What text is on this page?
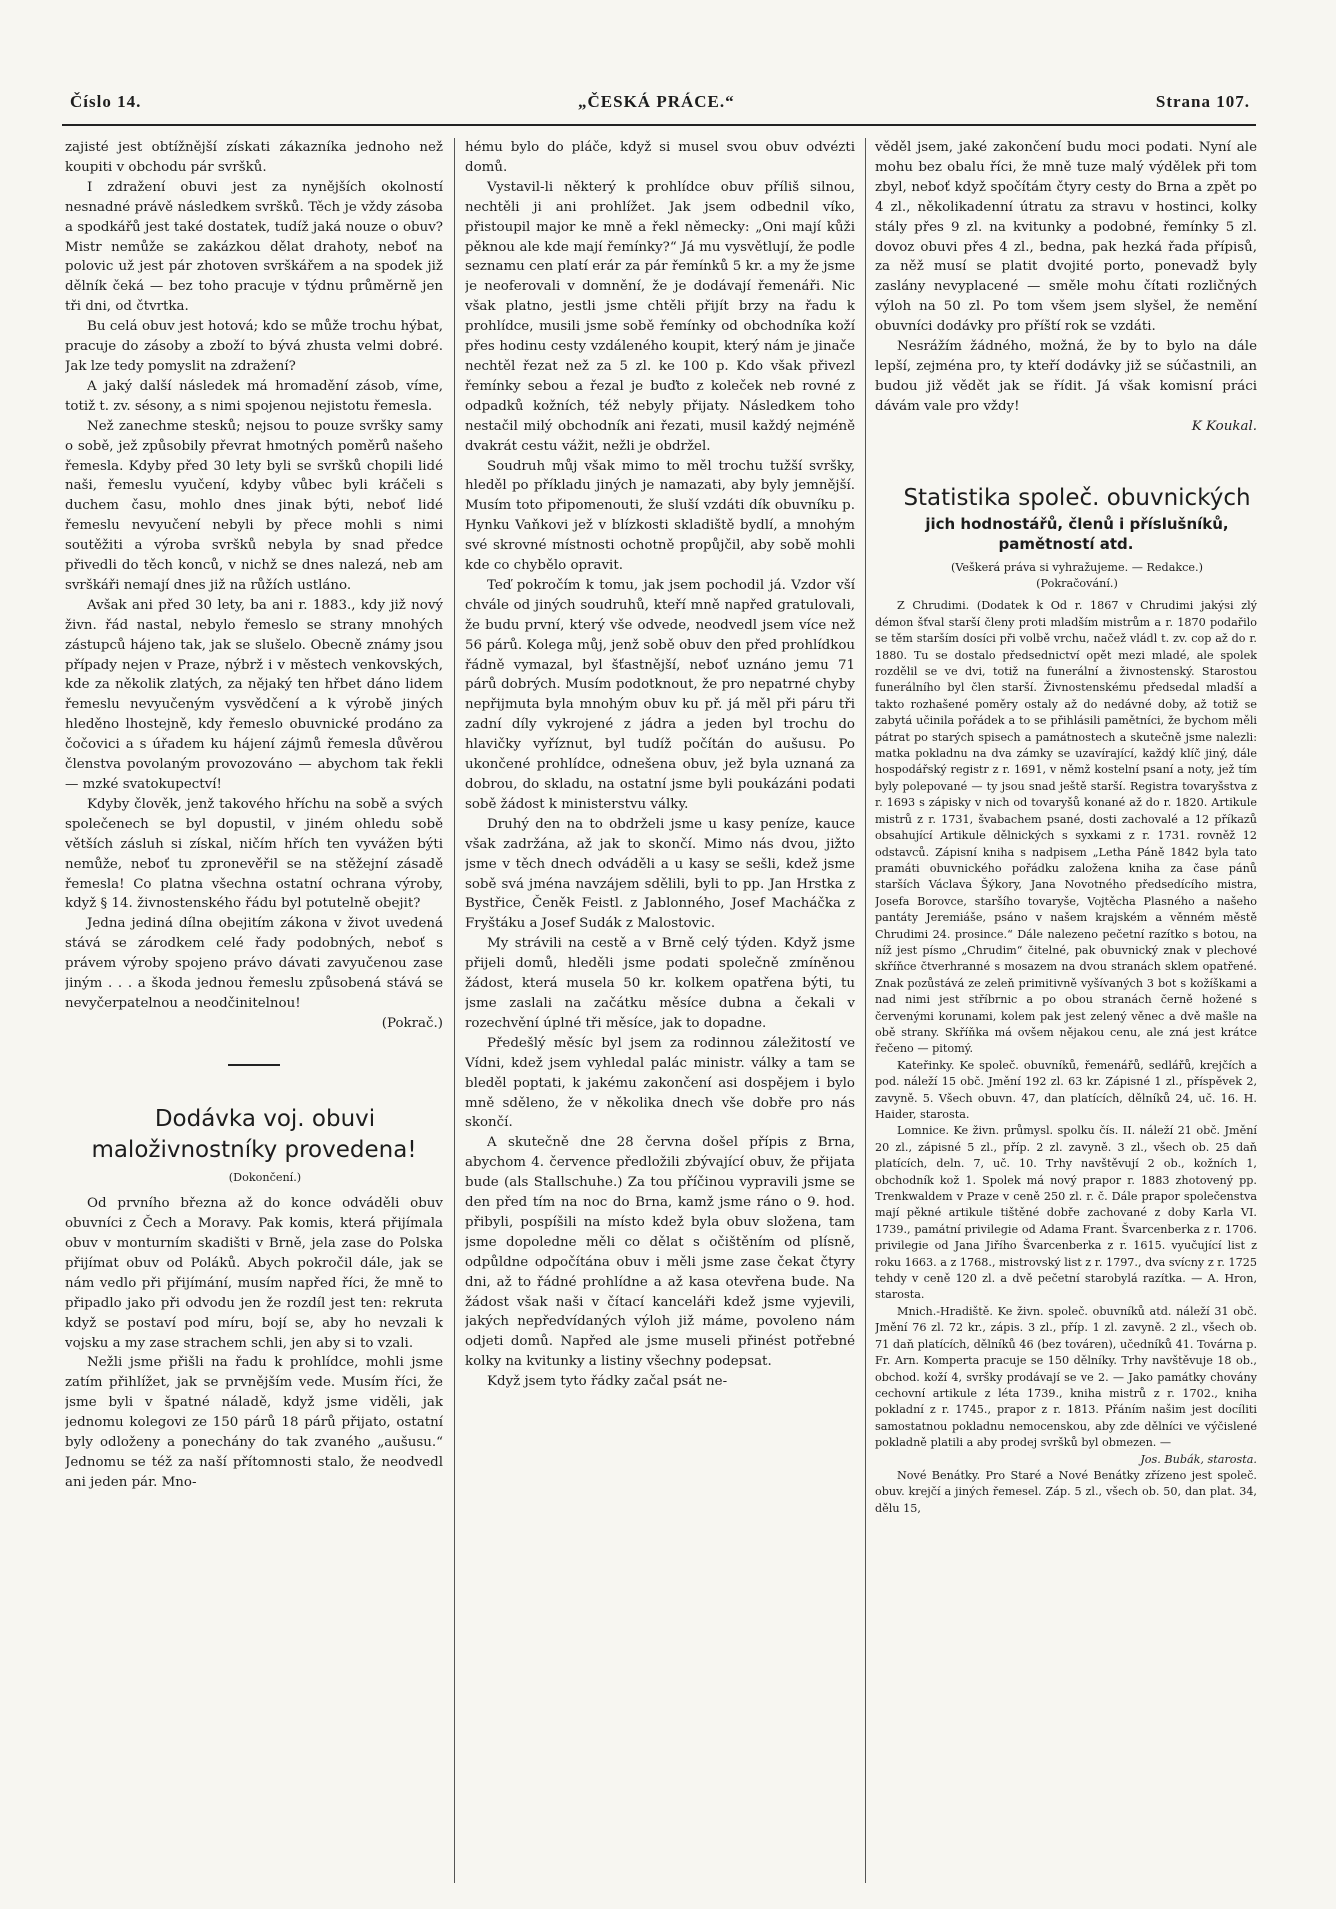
Číslo 14.	„ČESKÁ PRÁCE.“	Strana 107.

zajisté jest obtížnější získati zákazníka jednoho než koupiti v obchodu pár svršků.

I zdražení obuvi jest za nynějších okolností nesnadné právě následkem svršků. Těch je vždy zásoba a spodkářů jest také dostatek, tudíž jaká nouze o obuv? Mistr nemůže se zakázkou dělat drahoty, neboť na polovic už jest pár zhotoven svrškářem a na spodek již dělník čeká — bez toho pracuje v týdnu průměrně jen tři dni, od čtvrtka.

Bu celá obuv jest hotová; kdo se může trochu hýbat, pracuje do zásoby a zboží to bývá zhusta velmi dobré. Jak lze tedy pomyslit na zdražení?

A jaký další následek má hromadění zásob, víme, totiž t. zv. sésony, a s nimi spojenou nejistotu řemesla.

Než zanechme stesků; nejsou to pouze svršky samy o sobě, jež způsobily převrat hmotných poměrů našeho řemesla. Kdyby před 30 lety byli se svršků chopili lidé naši, řemeslu vyučení, kdyby vůbec byli kráčeli s duchem času, mohlo dnes jinak býti, neboť lidé řemeslu nevyučení nebyli by přece mohli s nimi soutěžiti a výroba svršků nebyla by snad předce přivedli do těch konců, v nichž se dnes nalezá, neb am svrškáři nemají dnes již na růžích ustláno.

Avšak ani před 30 lety, ba ani r. 1883., kdy již nový živn. řád nastal, nebylo řemeslo se strany mnohých zástupců hájeno tak, jak se slušelo. Obecně známy jsou případy nejen v Praze, nýbrž i v městech venkovských, kde za několik zlatých, za nějaký ten hřbet dáno lidem řemeslu nevyučeným vysvědčení a k výrobě jiných hleděno lhostejně, kdy řemeslo obuvnické prodáno za čočovici a s úřadem ku hájení zájmů řemesla důvěrou členstva povolaným provozováno — abychom tak řekli — mzké svatokupectví!

Kdyby člověk, jenž takového hříchu na sobě a svých společenech se byl dopustil, v jiném ohledu sobě větších zásluh si získal, ničím hřích ten vyvážen býti nemůže, neboť tu zpronevěřil se na stěžejní zásadě řemesla! Co platna všechna ostatní ochrana výroby, když § 14. živnostenského řádu byl potutelně obejit?

Jedna jediná dílna obejitím zákona v život uvedená stává se zárodkem celé řady podobných, neboť s právem výroby spojeno právo dávati zavyučenou zase jiným . . . a škoda jednou řemeslu způsobená stává se nevyčerpatelnou a neodčinitelnou!

(Pokrač.)

Dodávka voj. obuvi maloživnostníky provedena!

(Dokončení.)

Od prvního března až do konce odváděli obuv obuvníci z Čech a Moravy. Pak komis, která přijímala obuv v monturním skadišti v Brně, jela zase do Polska přijímat obuv od Poláků. Abych pokročil dále, jak se nám vedlo při přijímání, musím napřed říci, že mně to připadlo jako při odvodu jen že rozdíl jest ten: rekruta když se postaví pod míru, bojí se, aby ho nevzali k vojsku a my zase strachem schli, jen aby si to vzali.

Nežli jsme přišli na řadu k prohlídce, mohli jsme zatím přihlížet, jak se prvnějším vede. Musím říci, že jsme byli v špatné náladě, když jsme viděli, jak jednomu kolegovi ze 150 párů 18 párů přijato, ostatní byly odloženy a ponechány do tak zvaného „aušusu.“ Jednomu se též za naší přítomnosti stalo, že neodvedl ani jeden pár. Mno-

hému bylo do pláče, když si musel svou obuv odvézti domů.

Vystavil-li některý k prohlídce obuv příliš silnou, nechtěli ji ani prohlížet. Jak jsem odbednil víko, přistoupil major ke mně a řekl německy: „Oni mají kůži pěknou ale kde mají řemínky?“ Já mu vysvětlují, že podle seznamu cen platí erár za pár řemínků 5 kr. a my že jsme je neoferovali v domnění, že je dodávají řemenáři. Nic však platno, jestli jsme chtěli přijít brzy na řadu k prohlídce, musili jsme sobě řemínky od obchodníka koží přes hodinu cesty vzdáleného koupit, který nám je jinače nechtěl řezat než za 5 zl. ke 100 p. Kdo však přivezl řemínky sebou a řezal je buďto z koleček neb rovné z odpadků kožních, též nebyly přijaty. Následkem toho nestačil milý obchodník ani řezati, musil každý nejméně dvakrát cestu vážit, nežli je obdržel.

Soudruh můj však mimo to měl trochu tužší svršky, hleděl po příkladu jiných je namazati, aby byly jemnější. Musím toto připomenouti, že sluší vzdáti dík obuvníku p. Hynku Vaňkovi jež v blízkosti skladiště bydlí, a mnohým své skrovné místnosti ochotně propůjčil, aby sobě mohli kde co chybělo opravit.

Teď pokročím k tomu, jak jsem pochodil já. Vzdor vší chvále od jiných soudruhů, kteří mně napřed gratulovali, že budu první, který vše odvede, neodvedl jsem více než 56 párů. Kolega můj, jenž sobě obuv den před prohlídkou řádně vymazal, byl šťastnější, neboť uznáno jemu 71 párů dobrých. Musím podotknout, že pro nepatrné chyby nepřijmuta byla mnohým obuv ku př. já měl při páru tři zadní díly vykrojené z jádra a jeden byl trochu do hlavičky vyříznut, byl tudíž počítán do aušusu. Po ukončené prohlídce, odnešena obuv, jež byla uznaná za dobrou, do skladu, na ostatní jsme byli poukázáni podati sobě žádost k ministerstvu války.

Druhý den na to obdrželi jsme u kasy peníze, kauce však zadržána, až jak to skončí. Mimo nás dvou, jižto jsme v těch dnech odváděli a u kasy se sešli, kdež jsme sobě svá jména navzájem sdělili, byli to pp. Jan Hrstka z Bystřice, Čeněk Feistl. z Jablonného, Josef Macháčka z Fryštáku a Josef Sudák z Malostovic.

My strávili na cestě a v Brně celý týden. Když jsme přijeli domů, hleděli jsme podati společně zmíněnou žádost, která musela 50 kr. kolkem opatřena býti, tu jsme zaslali na začátku měsíce dubna a čekali v rozechvění úplné tři měsíce, jak to dopadne.

Předešlý měsíc byl jsem za rodinnou záležitostí ve Vídni, kdež jsem vyhledal palác ministr. války a tam se bleděl poptati, k jakému zakončení asi dospějem i bylo mně sděleno, že v několika dnech vše dobře pro nás skončí.

A skutečně dne 28 června došel přípis z Brna, abychom 4. července předložili zbývající obuv, že přijata bude (als Stallschuhe.) Za tou příčinou vypravili jsme se den před tím na noc do Brna, kamž jsme ráno o 9. hod. přibyli, pospíšili na místo kdež byla obuv složena, tam jsme dopoledne měli co dělat s očištěním od plísně, odpůldne odpočítána obuv i měli jsme zase čekat čtyry dni, až to řádné prohlídne a až kasa otevřena bude. Na žádost však naši v čítací kanceláři kdež jsme vyjevili, jakých nepředvídaných výloh již máme, povoleno nám odjeti domů. Napřed ale jsme museli přinést potřebné kolky na kvitunky a listiny všechny podepsat.

Když jsem tyto řádky začal psát ne-

věděl jsem, jaké zakončení budu moci podati. Nyní ale mohu bez obalu říci, že mně tuze malý výdělek při tom zbyl, neboť když spočítám čtyry cesty do Brna a zpět po 4 zl., několikadenní útratu za stravu v hostinci, kolky stály přes 9 zl. na kvitunky a podobné, řemínky 5 zl. dovoz obuvi přes 4 zl., bedna, pak hezká řada přípisů, za něž musí se platit dvojité porto, ponevadž byly zaslány nevyplacené — směle mohu čítati rozličných výloh na 50 zl. Po tom všem jsem slyšel, že nemění obuvníci dodávky pro příští rok se vzdáti.

Nesrážím žádného, možná, že by to bylo na dále lepší, zejména pro, ty kteří dodávky již se súčastnili, an budou již vědět jak se řídit. Já však komisní práci dávám vale pro vždy!

K Koukal.

Statistika společ. obuvnických

jich hodnostářů, členů i příslušníků, pamětností atd.

(Veškerá práva si vyhražujeme. — Redakce.)

(Pokračování.)

Z Chrudimi. (Dodatek k Od r. 1867 v Chrudimi jakýsi zlý démon šťval starší členy proti mladším mistrům a r. 1870 podařilo se těm starším dosíci při volbě vrchu, načež vládl t. zv. cop až do r. 1880. Tu se dostalo předsednictví opět mezi mladé, ale spolek rozdělil se ve dvi, totiž na funerální a živnostenský. Starostou funerálního byl člen starší. Živnostenskému předsedal mladší a takto rozhašené poměry ostaly až do nedávné doby, až totiž se zabytá učinila pořádek a to se přihlásili pamětníci, že bychom měli pátrat po starých spisech a památnostech a skutečně jsme nalezli: matka pokladnu na dva zámky se uzavírající, každý klíč jiný, dále hospodářský registr z r. 1691, v němž kostelní psaní a noty, jež tím byly polepované — ty jsou snad ještě starší. Registra tovaryšstva z r. 1693 s zápisky v nich od tovaryšů konané až do r. 1820. Artikule mistrů z r. 1731, švabachem psané, dosti zachovalé a 12 příkazů obsahující Artikule dělnických s syxkami z r. 1731. rovněž 12 odstavců. Zápisní kniha s nadpisem „Letha Páně 1842 byla tato pramáti obuvnického pořádku založena kniha za čase pánů starších Václava Šýkory, Jana Novotného předsedícího mistra, Josefa Borovce, staršího tovaryše, Vojtěcha Plasného a našeho pantáty Jeremiáše, psáno v našem krajském a věnném městě Chrudimi 24. prosince.“ Dále nalezeno pečetní razítko s botou, na níž jest písmo „Chrudim“ čitelné, pak obuvnický znak v plechové skříňce čtverhranné s mosazem na dvou stranách sklem opatřené. Znak pozůstává ze zeleň primitivně vyšívaných 3 bot s kožíškami a nad nimi jest stříbrnic a po obou stranách černě hožené s červenými korunami, kolem pak jest zelený věnec a dvě mašle na obě strany. Skříňka má ovšem nějakou cenu, ale zná jest krátce řečeno — pitomý.

Kateřinky. Ke společ. obuvníků, řemenářů, sedlářů, krejčích a pod. náleží 15 obč. Jmění 192 zl. 63 kr. Zápisné 1 zl., příspěvek 2, zavyně. 5. Všech obuvn. 47, dan platících, dělníků 24, uč. 16. H. Haider, starosta.

Lomnice. Ke živn. průmysl. spolku čís. II. náleží 21 obč. Jmění 20 zl., zápisné 5 zl., příp. 2 zl. zavyně. 3 zl., všech ob. 25 daň platících, deln. 7, uč. 10. Trhy navštěvují 2 ob., kožních 1, obchodník kož 1. Spolek má nový prapor r. 1883 zhotovený pp. Trenkwaldem v Praze v ceně 250 zl. r. č. Dále prapor společenstva mají pěkné artikule tištěné dobře zachované z doby Karla VI. 1739., památní privilegie od Adama Frant. Švarcenberka z r. 1706. privilegie od Jana Jiřího Švarcenberka z r. 1615. vyučující list z roku 1663. a z 1768., mistrovský list z r. 1797., dva svícny z r. 1725 tehdy v ceně 120 zl. a dvě pečetní starobylá razítka. — A. Hron, starosta.

Mnich.-Hradiště. Ke živn. společ. obuvníků atd. náleží 31 obč. Jmění 76 zl. 72 kr., zápis. 3 zl., příp. 1 zl. zavyně. 2 zl., všech ob. 71 daň platících, dělníků 46 (bez továren), učedníků 41. Továrna p. Fr. Arn. Komperta pracuje se 150 dělníky. Trhy navštěvuje 18 ob., obchod. koží 4, svršky prodávají se ve 2. — Jako památky chovány cechovní artikule z léta 1739., kniha mistrů z r. 1702., kniha pokladní z r. 1745., prapor z r. 1813. Přáním našim jest docíliti samostatnou pokladnu nemocenskou, aby zde dělníci ve výčislené pokladně platili a aby prodej svršků byl obmezen. —

Jos. Bubák, starosta.

Nové Benátky. Pro Staré a Nové Benátky zřízeno jest společ. obuv. krejčí a jiných řemesel. Záp. 5 zl., všech ob. 50, dan plat. 34, dělu 15,
